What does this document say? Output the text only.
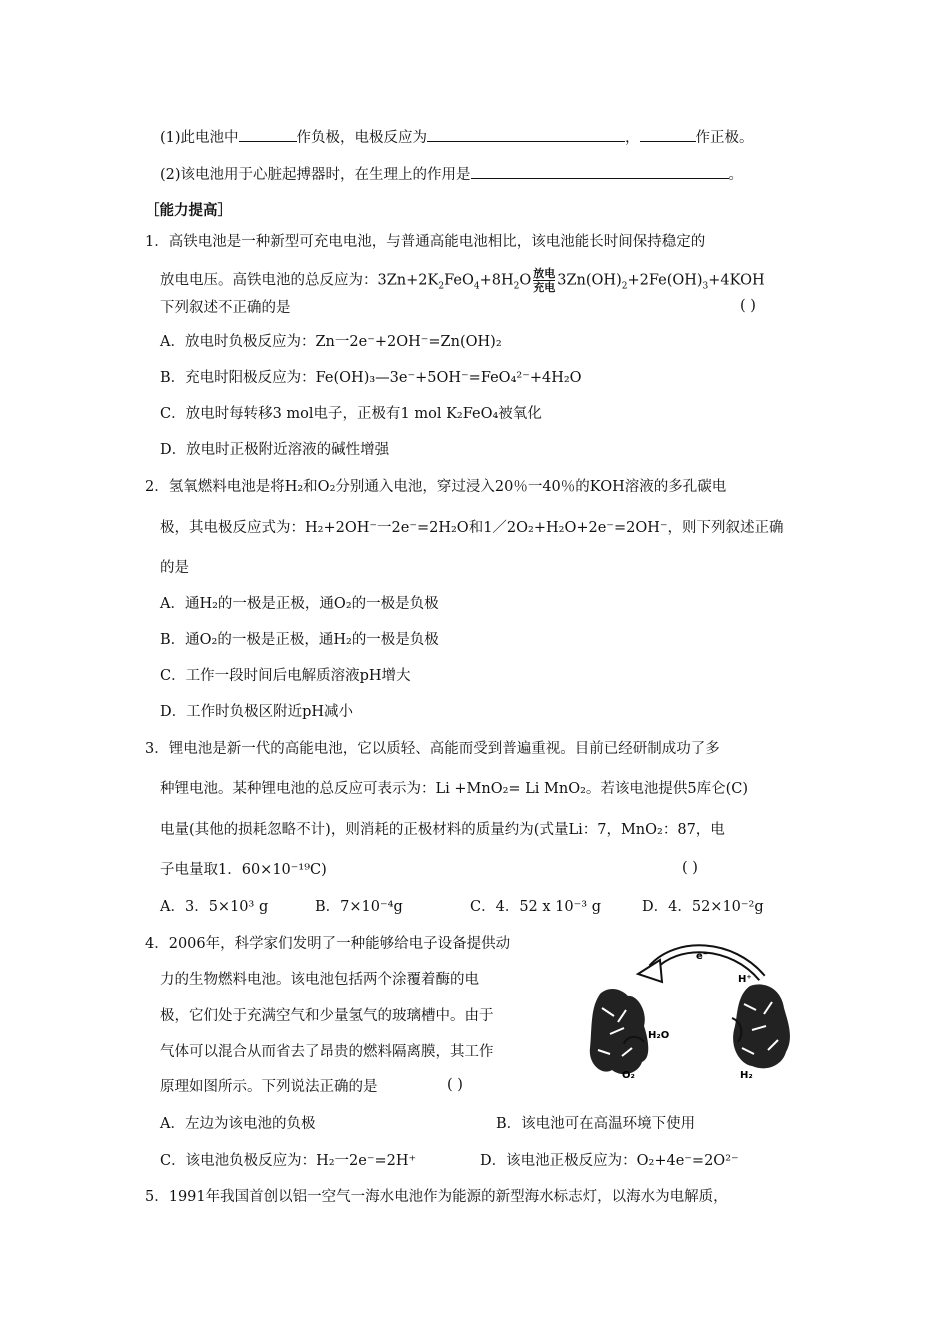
(1)此电池中	作负极，电极反应为	，	作正极。
(2)该电池用于心脏起搏器时，在生理上的作用是	。
［能力提高］
1．高铁电池是一种新型可充电电池，与普通高能电池相比，该电池能长时间保持稳定的
放电电压。高铁电池的总反应为：$3Zn+2K_2FeO_4+8H_2O$ 放电
充电 $3Zn(OH)_2+2Fe(OH)_3+4KOH$
下列叙述不正确的是	( )
A．放电时负极反应为：Zn一2e⁻+2OH⁻=Zn(OH)₂
B．充电时阳极反应为：Fe(OH)₃—3e⁻+5OH⁻=FeO₄²⁻+4H₂O
C．放电时每转移3 mol电子，正极有1 mol K₂FeO₄被氧化
D．放电时正极附近溶液的碱性增强
2．氢氧燃料电池是将H₂和O₂分别通入电池，穿过浸入20％一40％的KOH溶液的多孔碳电
极，其电极反应式为：H₂+2OH⁻一2e⁻=2H₂O和1／2O₂+H₂O+2e⁻=2OH⁻，则下列叙述正确
的是
A．通H₂的一极是正极，通O₂的一极是负极
B．通O₂的一极是正极，通H₂的一极是负极
C．工作一段时间后电解质溶液pH增大
D．工作时负极区附近pH减小
3．锂电池是新一代的高能电池，它以质轻、高能而受到普遍重视。目前已经研制成功了多
种锂电池。某种锂电池的总反应可表示为：Li +MnO₂= Li MnO₂。若该电池提供5库仑(C)
电量(其他的损耗忽略不计)，则消耗的正极材料的质量约为(式量Li：7，MnO₂：87，电
子电量取1．60×10⁻¹⁹C)	( )
A．3．5×10³ g	B．7×10⁻⁴g	C．4．52 x 10⁻³ g	D．4．52×10⁻²g
4．2006年，科学家们发明了一种能够给电子设备提供动
力的生物燃料电池。该电池包括两个涂覆着酶的电
极，它们处于充满空气和少量氢气的玻璃槽中。由于
气体可以混合从而省去了昂贵的燃料隔离膜，其工作
原理如图所示。下列说法正确的是	( )
A．左边为该电池的负极	B．该电池可在高温环境下使用
C．该电池负极反应为：H₂一2e⁻=2H⁺	D．该电池正极反应为：O₂+4e⁻=2O²⁻
e⁻
H⁺
H₂O
O₂	H₂
5．1991年我国首创以铝一空气一海水电池作为能源的新型海水标志灯，以海水为电解质，
